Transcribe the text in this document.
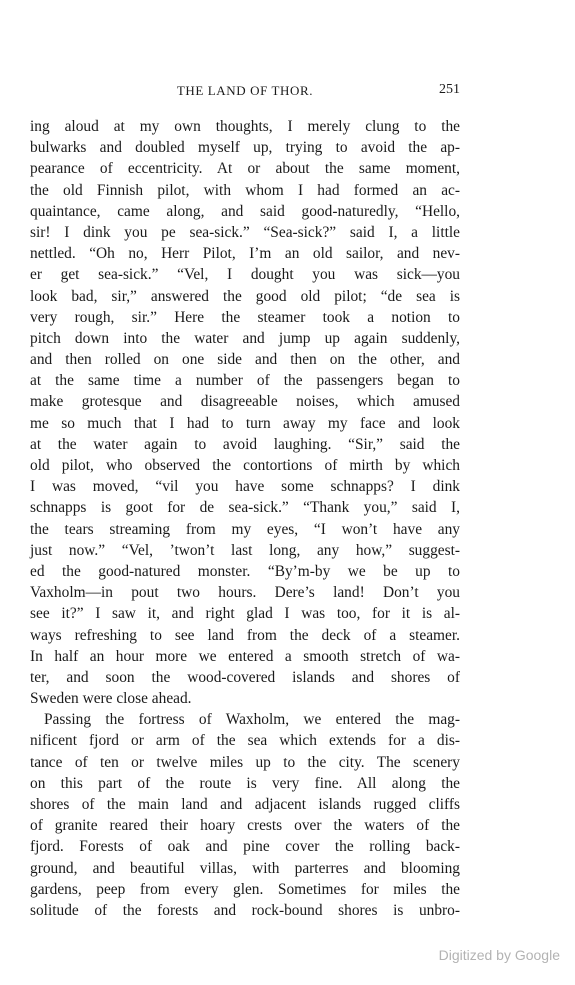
THE LAND OF THOR.	251
ing aloud at my own thoughts, I merely clung to the
bulwarks and doubled myself up, trying to avoid the ap-
pearance of eccentricity. At or about the same moment,
the old Finnish pilot, with whom I had formed an ac-
quaintance, came along, and said good-naturedly, “Hello,
sir! I dink you pe sea-sick.” “Sea-sick?” said I, a little
nettled. “Oh no, Herr Pilot, I’m an old sailor, and nev-
er get sea-sick.” “Vel, I dought you was sick—you
look bad, sir,” answered the good old pilot; “de sea is
very rough, sir.” Here the steamer took a notion to
pitch down into the water and jump up again suddenly,
and then rolled on one side and then on the other, and
at the same time a number of the passengers began to
make grotesque and disagreeable noises, which amused
me so much that I had to turn away my face and look
at the water again to avoid laughing. “Sir,” said the
old pilot, who observed the contortions of mirth by which
I was moved, “vil you have some schnapps? I dink
schnapps is goot for de sea-sick.” “Thank you,” said I,
the tears streaming from my eyes, “I won’t have any
just now.” “Vel, ’twon’t last long, any how,” suggest-
ed the good-natured monster. “By’m-by we be up to
Vaxholm—in pout two hours. Dere’s land! Don’t you
see it?” I saw it, and right glad I was too, for it is al-
ways refreshing to see land from the deck of a steamer.
In half an hour more we entered a smooth stretch of wa-
ter, and soon the wood-covered islands and shores of
Sweden were close ahead.
Passing the fortress of Waxholm, we entered the mag-
nificent fjord or arm of the sea which extends for a dis-
tance of ten or twelve miles up to the city. The scenery
on this part of the route is very fine. All along the
shores of the main land and adjacent islands rugged cliffs
of granite reared their hoary crests over the waters of the
fjord. Forests of oak and pine cover the rolling back-
ground, and beautiful villas, with parterres and blooming
gardens, peep from every glen. Sometimes for miles the
solitude of the forests and rock-bound shores is unbro-
Digitized by Google
